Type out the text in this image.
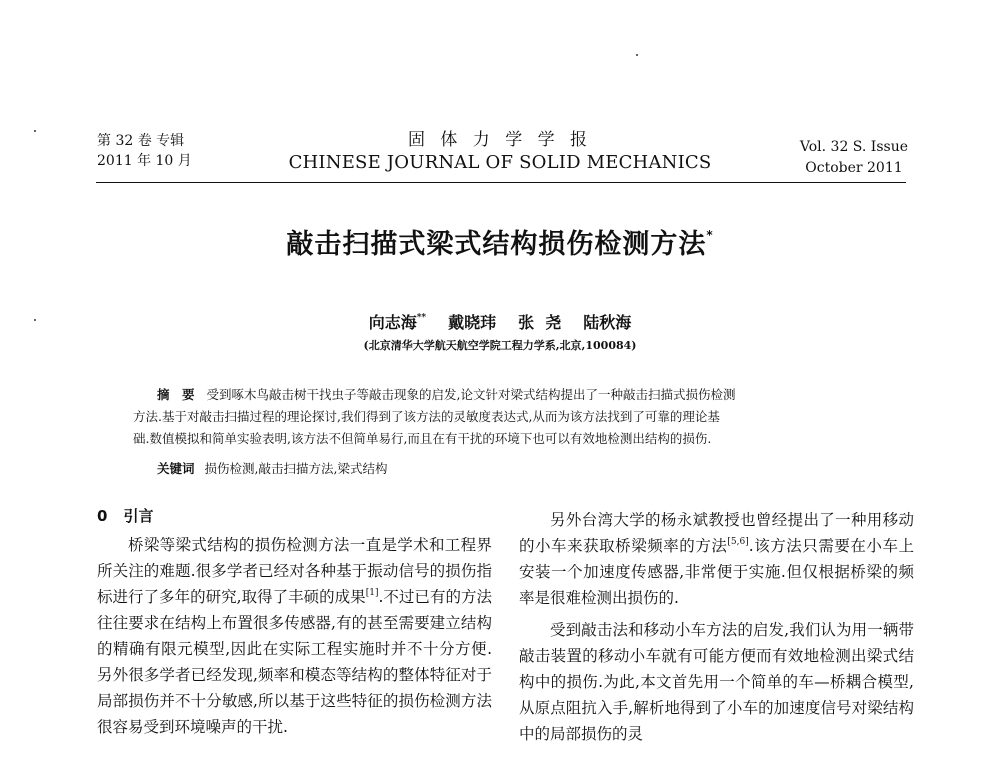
第 32 卷 专辑
2011 年 10 月
固 体 力 学 学 报
CHINESE JOURNAL OF SOLID MECHANICS
Vol. 32 S. Issue
October 2011
敲击扫描式梁式结构损伤检测方法*
向志海** 戴晓玮 张  尧 陆秋海
(北京清华大学航天航空学院工程力学系,北京,100084)
摘　要 受到啄木鸟敲击树干找虫子等敲击现象的启发,论文针对梁式结构提出了一种敲击扫描式损伤检测
方法.基于对敲击扫描过程的理论探讨,我们得到了该方法的灵敏度表达式,从而为该方法找到了可靠的理论基
础.数值模拟和简单实验表明,该方法不但简单易行,而且在有干扰的环境下也可以有效地检测出结构的损伤.
关键词 损伤检测,敲击扫描方法,梁式结构
0 引言

桥梁等梁式结构的损伤检测方法一直是学术和工程界所关注的难题.很多学者已经对各种基于振动信号的损伤指标进行了多年的研究,取得了丰硕的成果[1].不过已有的方法往往要求在结构上布置很多传感器,有的甚至需要建立结构的精确有限元模型,因此在实际工程实施时并不十分方便.另外很多学者已经发现,频率和模态等结构的整体特征对于局部损伤并不十分敏感,所以基于这些特征的损伤检测方法很容易受到环境噪声的干扰.

另外台湾大学的杨永斌教授也曾经提出了一种用移动的小车来获取桥梁频率的方法[5,6].该方法只需要在小车上安装一个加速度传感器,非常便于实施.但仅根据桥梁的频率是很难检测出损伤的.

受到敲击法和移动小车方法的启发,我们认为用一辆带敲击装置的移动小车就有可能方便而有效地检测出梁式结构中的损伤.为此,本文首先用一个简单的车—桥耦合模型,从原点阻抗入手,解析地得到了小车的加速度信号对梁结构中的局部损伤的灵
